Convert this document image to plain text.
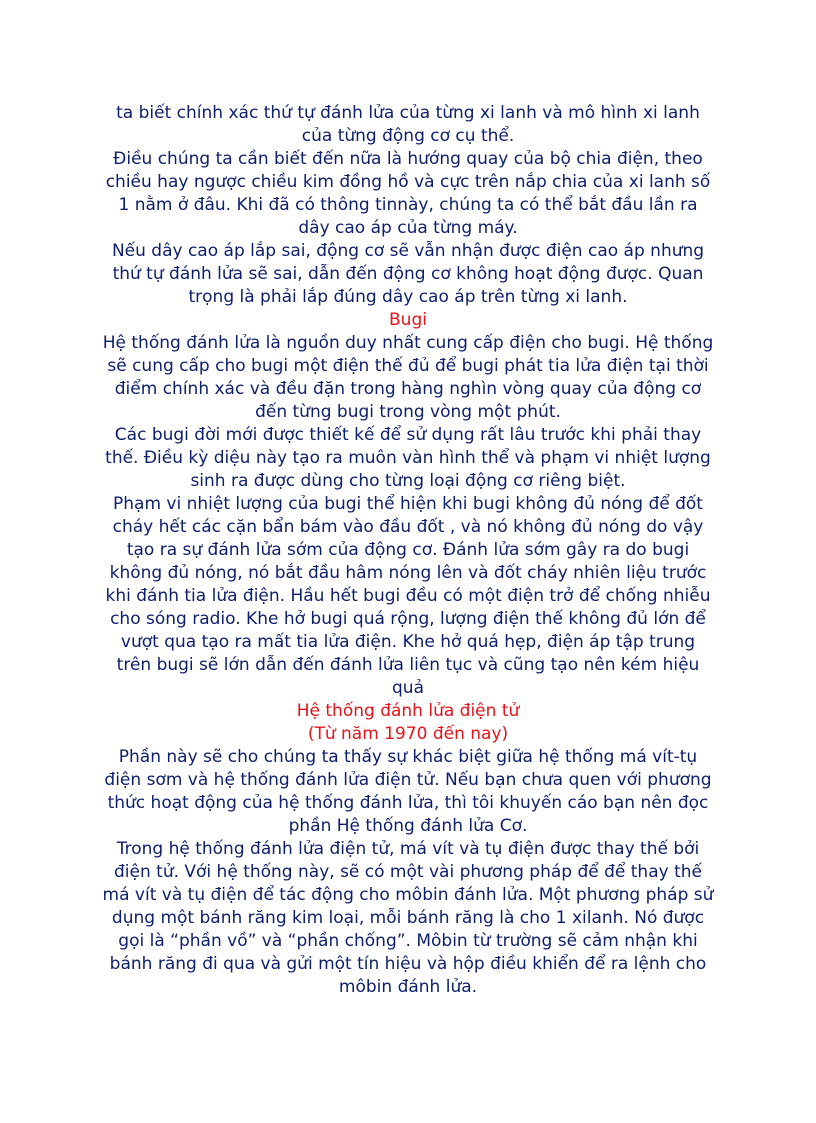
ta biết chính xác thứ tự đánh lửa của từng xi lanh và mô hình xi lanh
của từng động cơ cụ thể.
Điều chúng ta cần biết đến nữa là hướng quay của bộ chia điện, theo
chiều hay ngược chiều kim đồng hồ và cực trên nắp chia của xi lanh số
1 nằm ở đâu. Khi đã có thông tinnày, chúng ta có thể bắt đầu lần ra
dây cao áp của từng máy.
Nếu dây cao áp lắp sai, động cơ sẽ vẫn nhận được điện cao áp nhưng
thứ tự đánh lửa sẽ sai, dẫn đến động cơ không hoạt động được. Quan
trọng là phải lắp đúng dây cao áp trên từng xi lanh.
Bugi
Hệ thống đánh lửa là nguồn duy nhất cung cấp điện cho bugi. Hệ thống
sẽ cung cấp cho bugi một điện thế đủ để bugi phát tia lửa điện tại thời
điểm chính xác và đều đặn trong hàng nghìn vòng quay của động cơ
đến từng bugi trong vòng một phút.
Các bugi đời mới được thiết kế để sử dụng rất lâu trước khi phải thay
thế. Điều kỳ diệu này tạo ra muôn vàn hình thể và phạm vi nhiệt lượng
sinh ra được dùng cho từng loại động cơ riêng biệt.
Phạm vi nhiệt lượng của bugi thể hiện khi bugi không đủ nóng để đốt
cháy hết các cặn bẩn bám vào đầu đốt , và nó không đủ nóng do vậy
tạo ra sự đánh lửa sớm của động cơ. Đánh lửa sớm gây ra do bugi
không đủ nóng, nó bắt đầu hâm nóng lên và đốt cháy nhiên liệu trước
khi đánh tia lửa điện. Hầu hết bugi đều có một điện trở để chống nhiễu
cho sóng radio. Khe hở bugi quá rộng, lượng điện thế không đủ lớn để
vượt qua tạo ra mất tia lửa điện. Khe hở quá hẹp, điện áp tập trung
trên bugi sẽ lớn dẫn đến đánh lửa liên tục và cũng tạo nên kém hiệu
quả
Hệ thống đánh lửa điện tử
(Từ năm 1970 đến nay)
Phần này sẽ cho chúng ta thấy sự khác biệt giữa hệ thống má vít-tụ
điện sơm và hệ thống đánh lửa điện tử. Nếu bạn chưa quen với phương
thức hoạt động của hệ thống đánh lửa, thì tôi khuyến cáo bạn nên đọc
phần Hệ thống đánh lửa Cơ.
Trong hệ thống đánh lửa điện tử, má vít và tụ điện được thay thế bởi
điện tử. Với hệ thống này, sẽ có một vài phương pháp để để thay thế
má vít và tụ điện để tác động cho môbin đánh lửa. Một phương pháp sử
dụng một bánh răng kim loại, mỗi bánh răng là cho 1 xilanh. Nó được
gọi là “phần vồ” và “phần chống”. Môbin từ trường sẽ cảm nhận khi
bánh răng đi qua và gửi một tín hiệu và hộp điều khiển để ra lệnh cho
môbin đánh lửa.
